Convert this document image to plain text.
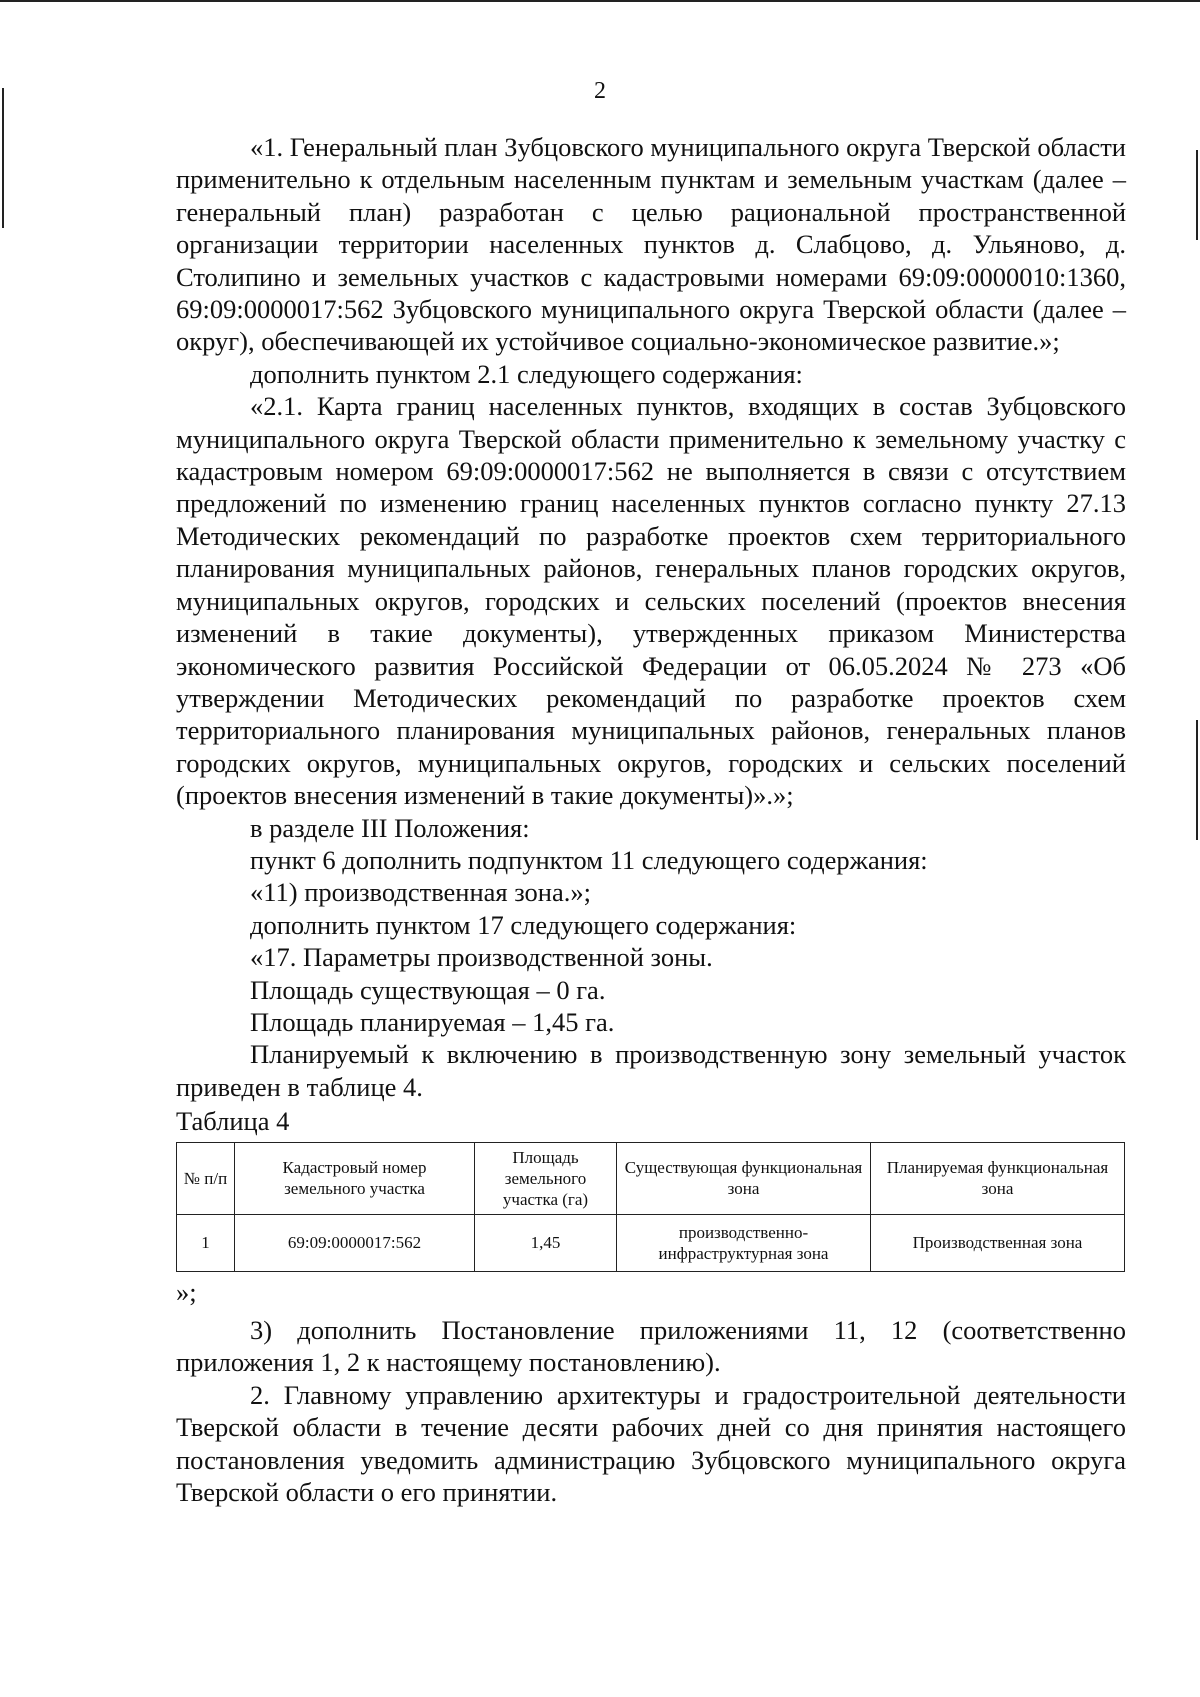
2

«1. Генеральный план Зубцовского муниципального округа Тверской области применительно к отдельным населенным пунктам и земельным участкам (далее – генеральный план) разработан с целью рациональной пространственной организации территории населенных пунктов д. Слабцово, д. Ульяново, д. Столипино и земельных участков с кадастровыми номерами 69:09:0000010:1360, 69:09:0000017:562 Зубцовского муниципального округа Тверской области (далее – округ), обеспечивающей их устойчивое социально-экономическое развитие.»;

дополнить пунктом 2.1 следующего содержания:

«2.1. Карта границ населенных пунктов, входящих в состав Зубцовского муниципального округа Тверской области применительно к земельному участку с кадастровым номером 69:09:0000017:562 не выполняется в связи с отсутствием предложений по изменению границ населенных пунктов согласно пункту 27.13 Методических рекомендаций по разработке проектов схем территориального планирования муниципальных районов, генеральных планов городских округов, муниципальных округов, городских и сельских поселений (проектов внесения изменений в такие документы), утвержденных приказом Министерства экономического развития Российской Федерации от 06.05.2024 № 273 «Об утверждении Методических рекомендаций по разработке проектов схем территориального планирования муниципальных районов, генеральных планов городских округов, муниципальных округов, городских и сельских поселений (проектов внесения изменений в такие документы)».»;

в разделе III Положения:

пункт 6 дополнить подпунктом 11 следующего содержания:

«11) производственная зона.»;

дополнить пунктом 17 следующего содержания:

«17. Параметры производственной зоны.

Площадь существующая – 0 га.

Площадь планируемая – 1,45 га.

Планируемый к включению в производственную зону земельный участок приведен в таблице 4.

Таблица 4

№ п/п	Кадастровый номер земельного участка	Площадь земельного участка (га)	Существующая функциональная зона	Планируемая функциональная зона
1	69:09:0000017:562	1,45	производственно-инфраструктурная зона	Производственная зона

»;

3) дополнить Постановление приложениями 11, 12 (соответственно приложения 1, 2 к настоящему постановлению).

2. Главному управлению архитектуры и градостроительной деятельности Тверской области в течение десяти рабочих дней со дня принятия настоящего постановления уведомить администрацию Зубцовского муниципального округа Тверской области о его принятии.
